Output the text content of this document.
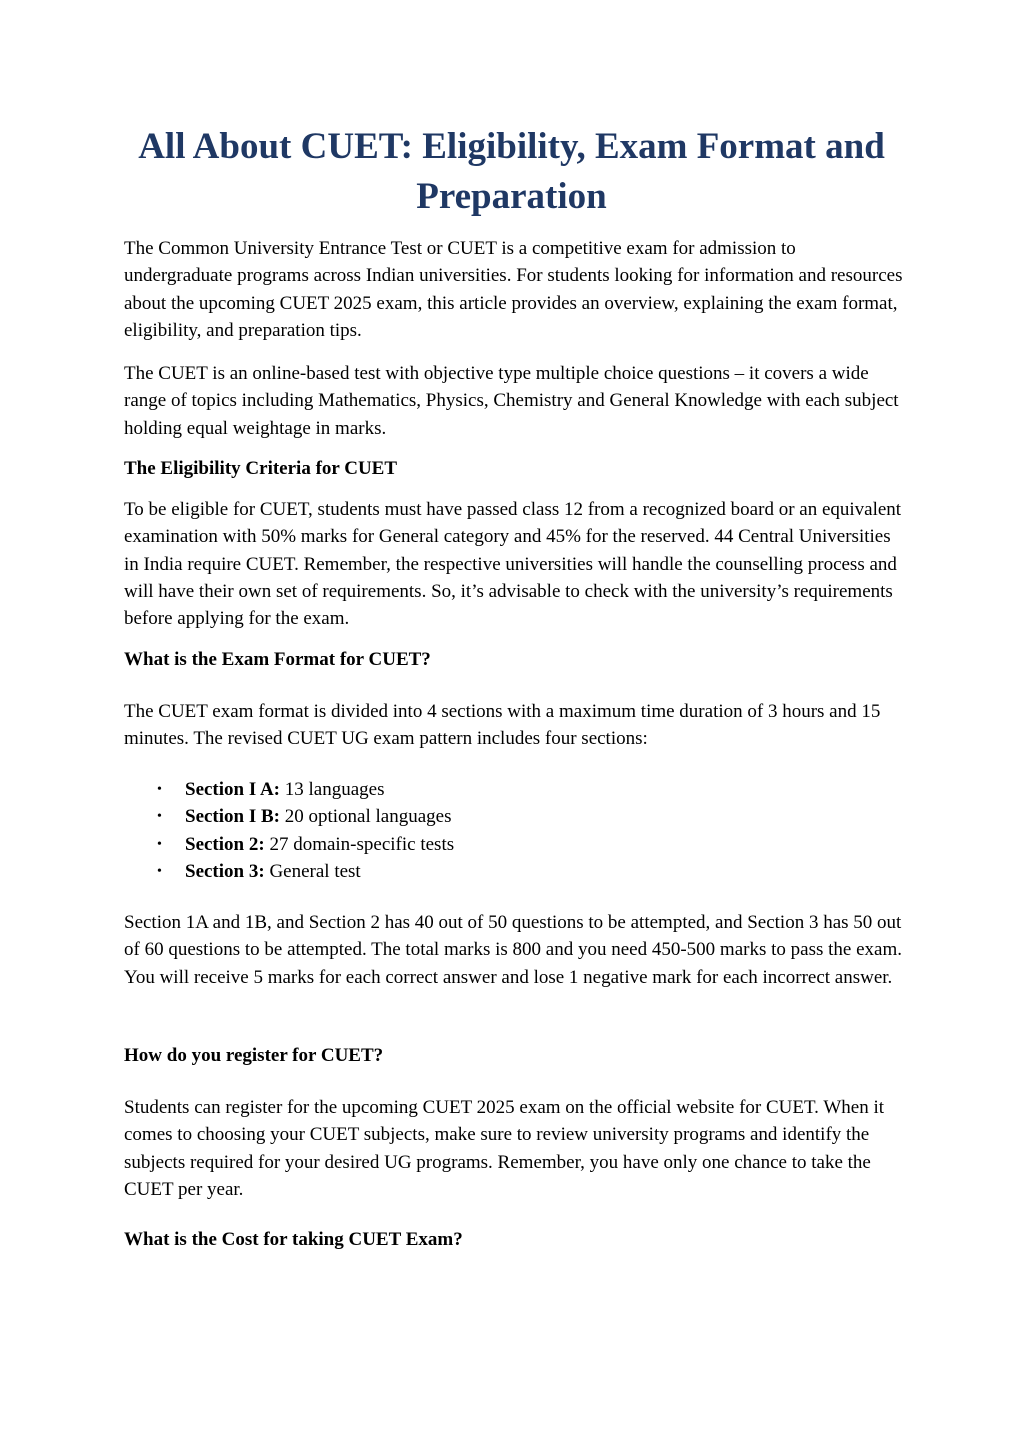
All About CUET: Eligibility, Exam Format and Preparation

The Common University Entrance Test or CUET is a competitive exam for admission to undergraduate programs across Indian universities. For students looking for information and resources about the upcoming CUET 2025 exam, this article provides an overview, explaining the exam format, eligibility, and preparation tips.

The CUET is an online-based test with objective type multiple choice questions – it covers a wide range of topics including Mathematics, Physics, Chemistry and General Knowledge with each subject holding equal weightage in marks.

The Eligibility Criteria for CUET

To be eligible for CUET, students must have passed class 12 from a recognized board or an equivalent examination with 50% marks for General category and 45% for the reserved. 44 Central Universities in India require CUET. Remember, the respective universities will handle the counselling process and will have their own set of requirements. So, it’s advisable to check with the university’s requirements before applying for the exam.

What is the Exam Format for CUET?

The CUET exam format is divided into 4 sections with a maximum time duration of 3 hours and 15 minutes. The revised CUET UG exam pattern includes four sections:

• Section I A: 13 languages
• Section I B: 20 optional languages
• Section 2: 27 domain-specific tests
• Section 3: General test

Section 1A and 1B, and Section 2 has 40 out of 50 questions to be attempted, and Section 3 has 50 out of 60 questions to be attempted. The total marks is 800 and you need 450-500 marks to pass the exam. You will receive 5 marks for each correct answer and lose 1 negative mark for each incorrect answer.

How do you register for CUET?

Students can register for the upcoming CUET 2025 exam on the official website for CUET. When it comes to choosing your CUET subjects, make sure to review university programs and identify the subjects required for your desired UG programs. Remember, you have only one chance to take the CUET per year.

What is the Cost for taking CUET Exam?
